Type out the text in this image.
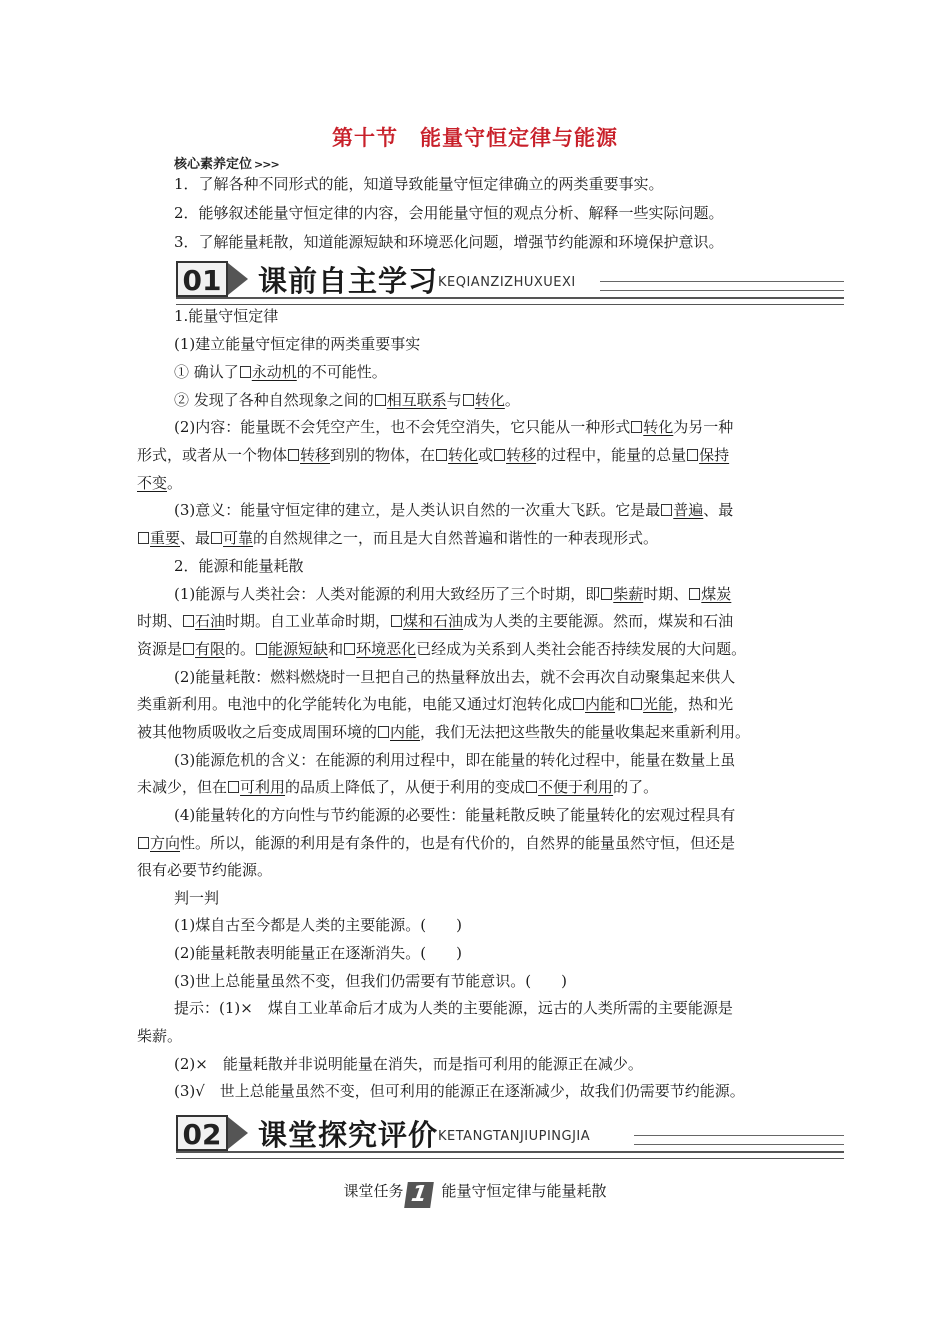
第十节　能量守恒定律与能源
核心素养定位 >>>
1．了解各种不同形式的能，知道导致能量守恒定律确立的两类重要事实。
2．能够叙述能量守恒定律的内容，会用能量守恒的观点分析、解释一些实际问题。
3．了解能量耗散，知道能源短缺和环境恶化问题，增强节约能源和环境保护意识。
01 课前自主学习 KEQIANZIZHUXUEXI
1.能量守恒定律
(1)建立能量守恒定律的两类重要事实
① 确认了 永动机的不可能性。
② 发现了各种自然现象之间的 相互联系与 转化。
(2)内容：能量既不会凭空产生，也不会凭空消失，它只能从一种形式 转化为另一种
形式，或者从一个物体 转移到别的物体，在 转化或 转移的过程中，能量的总量 保持
不变。
(3)意义：能量守恒定律的建立，是人类认识自然的一次重大飞跃。它是最 普遍、最
重要、最 可靠的自然规律之一，而且是大自然普遍和谐性的一种表现形式。
2．能源和能量耗散
(1)能源与人类社会：人类对能源的利用大致经历了三个时期，即 柴薪时期、 煤炭
时期、 石油时期。自工业革命时期， 煤和石油成为人类的主要能源。然而，煤炭和石油
资源是 有限的。 能源短缺和 环境恶化已经成为关系到人类社会能否持续发展的大问题。
(2)能量耗散：燃料燃烧时一旦把自己的热量释放出去，就不会再次自动聚集起来供人
类重新利用。电池中的化学能转化为电能，电能又通过灯泡转化成 内能和 光能，热和光
被其他物质吸收之后变成周围环境的 内能，我们无法把这些散失的能量收集起来重新利用。
(3)能源危机的含义：在能源的利用过程中，即在能量的转化过程中，能量在数量上虽
未减少，但在 可利用的品质上降低了，从便于利用的变成 不便于利用的了。
(4)能量转化的方向性与节约能源的必要性：能量耗散反映了能量转化的宏观过程具有
方向性。所以，能源的利用是有条件的，也是有代价的，自然界的能量虽然守恒，但还是
很有必要节约能源。
判一判
(1)煤自古至今都是人类的主要能源。(　　)
(2)能量耗散表明能量正在逐渐消失。(　　)
(3)世上总能量虽然不变，但我们仍需要有节能意识。(　　)
提示：(1)×　煤自工业革命后才成为人类的主要能源，远古的人类所需的主要能源是
柴薪。
(2)×　能量耗散并非说明能量在消失，而是指可利用的能源正在减少。
(3)√　世上总能量虽然不变，但可利用的能源正在逐渐减少，故我们仍需要节约能源。
02 课堂探究评价 KETANGTANJIUPINGJIA
课堂任务 1 能量守恒定律与能量耗散
